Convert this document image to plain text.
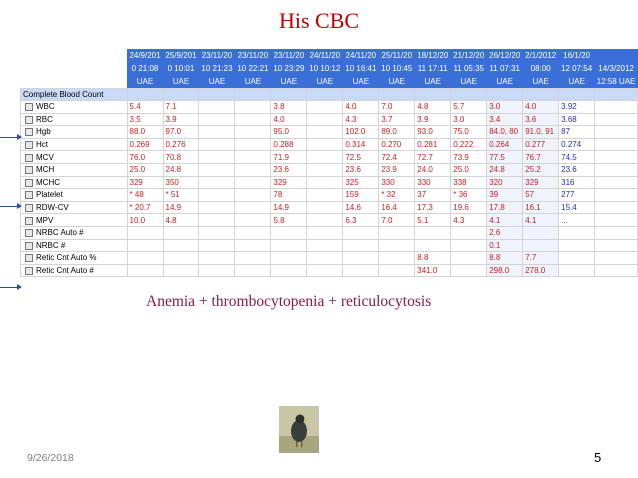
His CBC
	24/9/201	25/9/201	23/11/20	23/11/20	23/11/20	24/11/20	24/11/20	25/11/20	18/12/20	21/12/20	26/12/20	2/1/2012	16/1/20	
	0 21:08	0 10:01	10 21:23	10 22:21	10 23:29	10 10:12	10 16:41	10 10:45	11 17:11	11 05:35	11 07:31	08:00	12 07:54	14/3/2012
	UAE	UAE	UAE	UAE	UAE	UAE	UAE	UAE	UAE	UAE	UAE	UAE	UAE	12:58 UAE
Complete Blood Count														
WBC	5.4	7.1			3.8		4.0	7.0	4.8	5.7	3.0	4.0	3.92	
RBC	3.5	3.9			4.0		4.3	3.7	3.9	3.0	3.4	3.6	3.68	
Hgb	88.0	97.0			95.0		102.0	89.0	93.0	75.0	84.0, 80	91.0, 91	87	
Hct	0.269	0.276			0.288		0.314	0.270	0.281	0.222	0.264	0.277	0.274	
MCV	76.0	70.8			71.9		72.5	72.4	72.7	73.9	77.5	76.7	74.5	
MCH	25.0	24.8			23.6		23.6	23.9	24.0	25.0	24.8	25.2	23.6	
MCHC	329	350			329		325	330	330	338	320	329	316	
Platelet	* 48	* 51			78		159	* 32	37	* 36	39	57	277	
RDW-CV	* 20.7	14.9			14.9		14.6	16.4	17.3	19.6	17.8	16.1	15.4	
MPV	10.0	4.8			5.8		6.3	7.0	5.1	4.3	4.1	4.1	...	
NRBC Auto #											2.6			
NRBC #											0.1			
Retic Cnt Auto %									8.8		8.8	7.7		
Retic Cnt Auto #									341.0		298.0	278.0		
Anemia + thrombocytopenia + reticulocytosis
9/26/2018	5
